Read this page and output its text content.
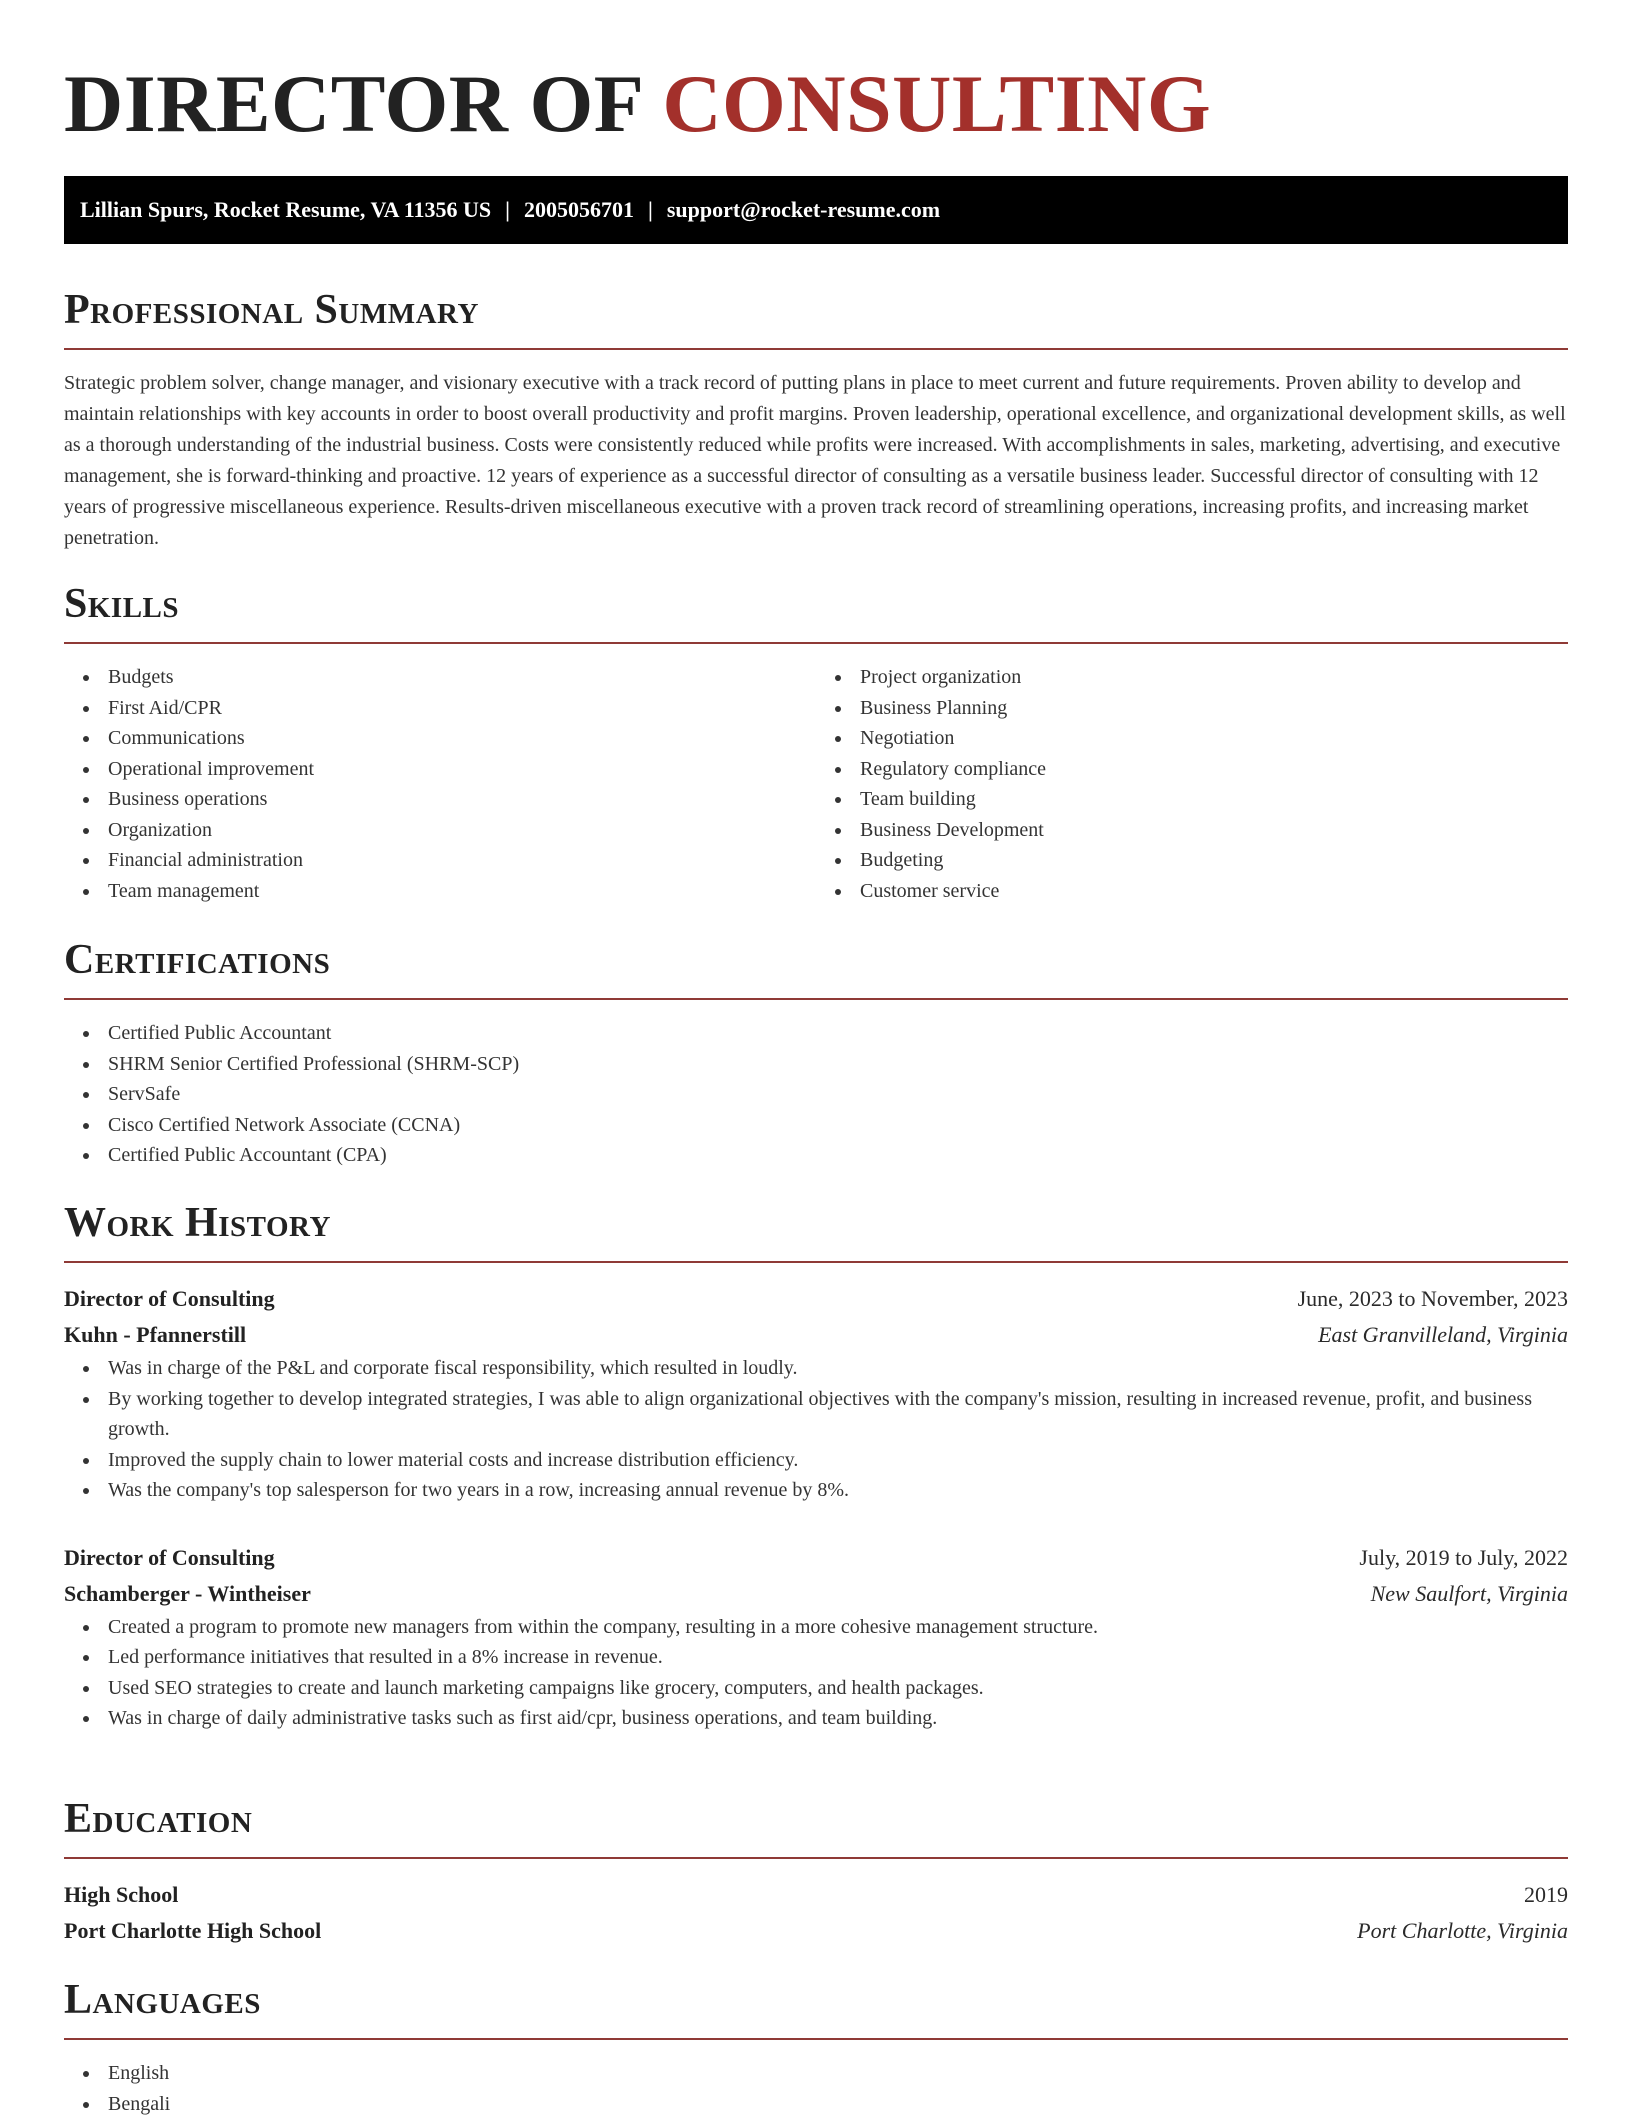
DIRECTOR OF CONSULTING
Lillian Spurs, Rocket Resume, VA 11356 US | 2005056701 | support@rocket-resume.com
Professional Summary

Strategic problem solver, change manager, and visionary executive with a track record of putting plans in place to meet current and future requirements. Proven ability to develop and maintain relationships with key accounts in order to boost overall productivity and profit margins. Proven leadership, operational excellence, and organizational development skills, as well as a thorough understanding of the industrial business. Costs were consistently reduced while profits were increased. With accomplishments in sales, marketing, advertising, and executive management, she is forward-thinking and proactive. 12 years of experience as a successful director of consulting as a versatile business leader. Successful director of consulting with 12 years of progressive miscellaneous experience. Results-driven miscellaneous executive with a proven track record of streamlining operations, increasing profits, and increasing market penetration.

Skills
Budgets
First Aid/CPR
Communications
Operational improvement
Business operations
Organization
Financial administration
Team management
Project organization
Business Planning
Negotiation
Regulatory compliance
Team building
Business Development
Budgeting
Customer service
Certifications
Certified Public Accountant
SHRM Senior Certified Professional (SHRM-SCP)
ServSafe
Cisco Certified Network Associate (CCNA)
Certified Public Accountant (CPA)
Work History
Director of Consulting	June, 2023 to November, 2023
Kuhn - Pfannerstill	East Granvilleland, Virginia
Was in charge of the P&L and corporate fiscal responsibility, which resulted in loudly.
By working together to develop integrated strategies, I was able to align organizational objectives with the company's mission, resulting in increased revenue, profit, and business growth.
Improved the supply chain to lower material costs and increase distribution efficiency.
Was the company's top salesperson for two years in a row, increasing annual revenue by 8%.
Director of Consulting	July, 2019 to July, 2022
Schamberger - Wintheiser	New Saulfort, Virginia
Created a program to promote new managers from within the company, resulting in a more cohesive management structure.
Led performance initiatives that resulted in a 8% increase in revenue.
Used SEO strategies to create and launch marketing campaigns like grocery, computers, and health packages.
Was in charge of daily administrative tasks such as first aid/cpr, business operations, and team building.
Education
High School	2019
Port Charlotte High School	Port Charlotte, Virginia
Languages
English
Bengali
